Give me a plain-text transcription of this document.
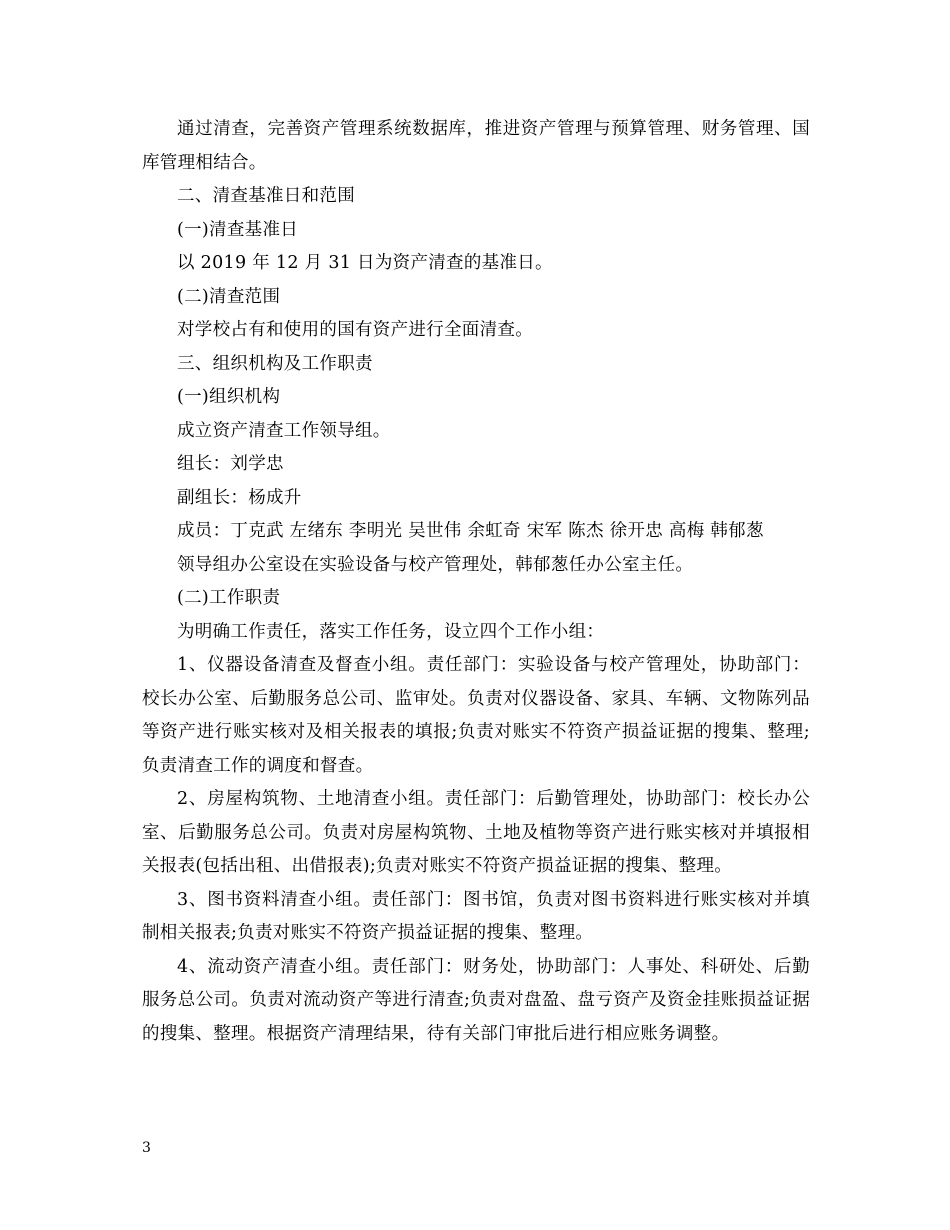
通过清查，完善资产管理系统数据库，推进资产管理与预算管理、财务管理、国库管理相结合。

二、清查基准日和范围

(一)清查基准日

以 2019 年 12 月 31 日为资产清查的基准日。

(二)清查范围

对学校占有和使用的国有资产进行全面清查。

三、组织机构及工作职责

(一)组织机构

成立资产清查工作领导组。

组长：刘学忠

副组长：杨成升

成员：丁克武 左绪东 李明光 吴世伟 余虹奇 宋军 陈杰 徐开忠 高梅 韩郁葱

领导组办公室设在实验设备与校产管理处，韩郁葱任办公室主任。

(二)工作职责

为明确工作责任，落实工作任务，设立四个工作小组：

1、仪器设备清查及督查小组。责任部门：实验设备与校产管理处，协助部门：校长办公室、后勤服务总公司、监审处。负责对仪器设备、家具、车辆、文物陈列品等资产进行账实核对及相关报表的填报;负责对账实不符资产损益证据的搜集、整理;负责清查工作的调度和督查。

2、房屋构筑物、土地清查小组。责任部门：后勤管理处，协助部门：校长办公室、后勤服务总公司。负责对房屋构筑物、土地及植物等资产进行账实核对并填报相关报表(包括出租、出借报表);负责对账实不符资产损益证据的搜集、整理。

3、图书资料清查小组。责任部门：图书馆，负责对图书资料进行账实核对并填制相关报表;负责对账实不符资产损益证据的搜集、整理。

4、流动资产清查小组。责任部门：财务处，协助部门：人事处、科研处、后勤服务总公司。负责对流动资产等进行清查;负责对盘盈、盘亏资产及资金挂账损益证据的搜集、整理。根据资产清理结果，待有关部门审批后进行相应账务调整。

3
